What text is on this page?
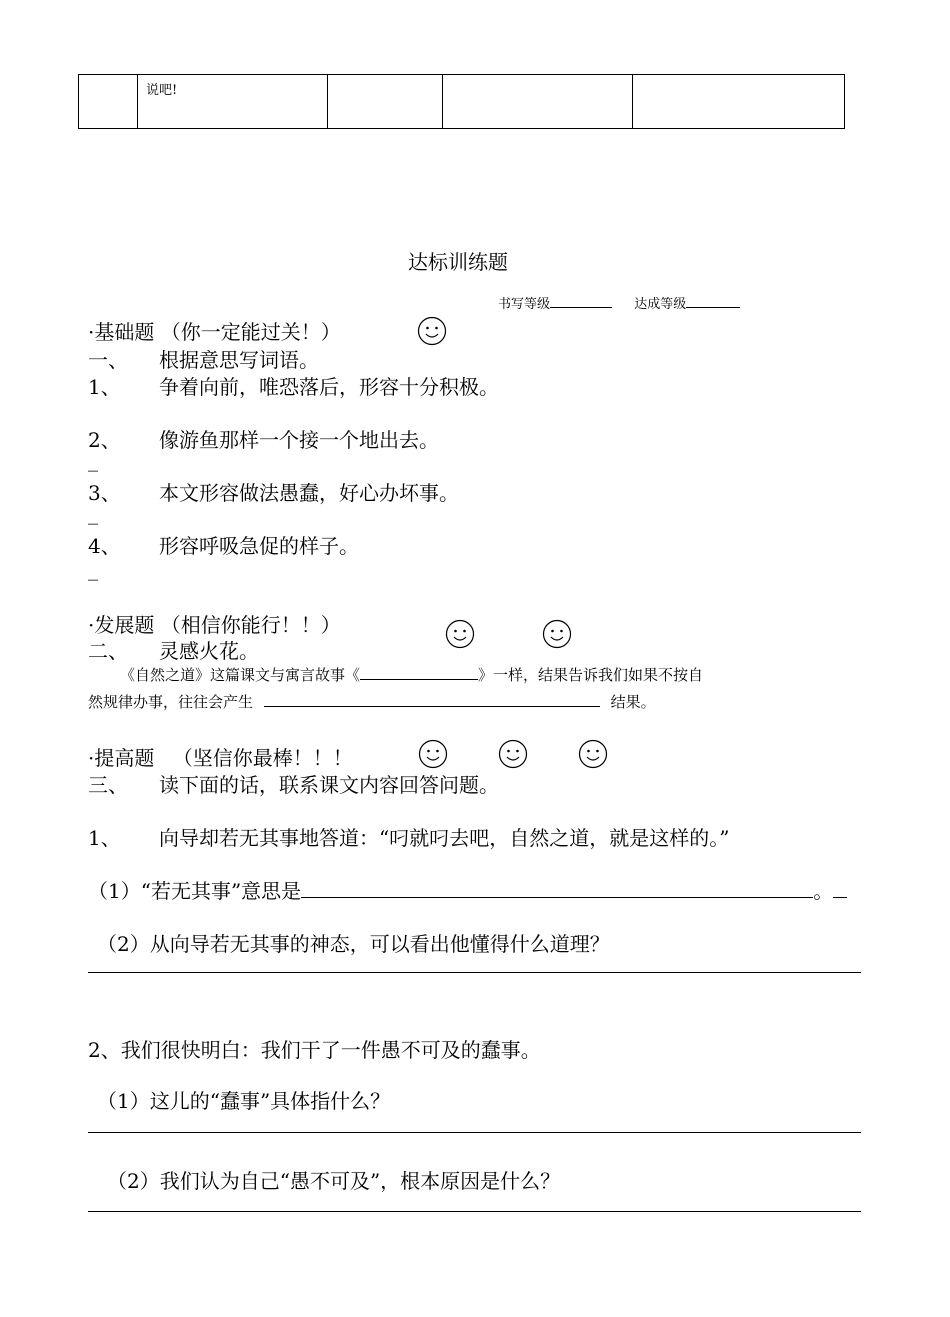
说吧!

达标训练题
书写等级	达成等级
·基础题 （你一定能过关！）
一、 根据意思写词语。
1、 争着向前，唯恐落后，形容十分积极。
2、 像游鱼那样一个接一个地出去。
_
3、 本文形容做法愚蠢，好心办坏事。
_
4、 形容呼吸急促的样子。
_
·发展题 （相信你能行！！）
二、 灵感火花。
《自然之道》这篇课文与寓言故事《	》一样，结果告诉我们如果不按自
然规律办事，往往会产生	结果。
·提高题 （坚信你最棒！！！
三、 读下面的话，联系课文内容回答问题。
1、 向导却若无其事地答道：“叼就叼去吧，自然之道，就是这样的。”
（1）“若无其事”意思是	。
（2）从向导若无其事的神态，可以看出他懂得什么道理？
2、我们很快明白：我们干了一件愚不可及的蠢事。
（1）这儿的“蠢事”具体指什么？
（2）我们认为自己“愚不可及”，根本原因是什么？
